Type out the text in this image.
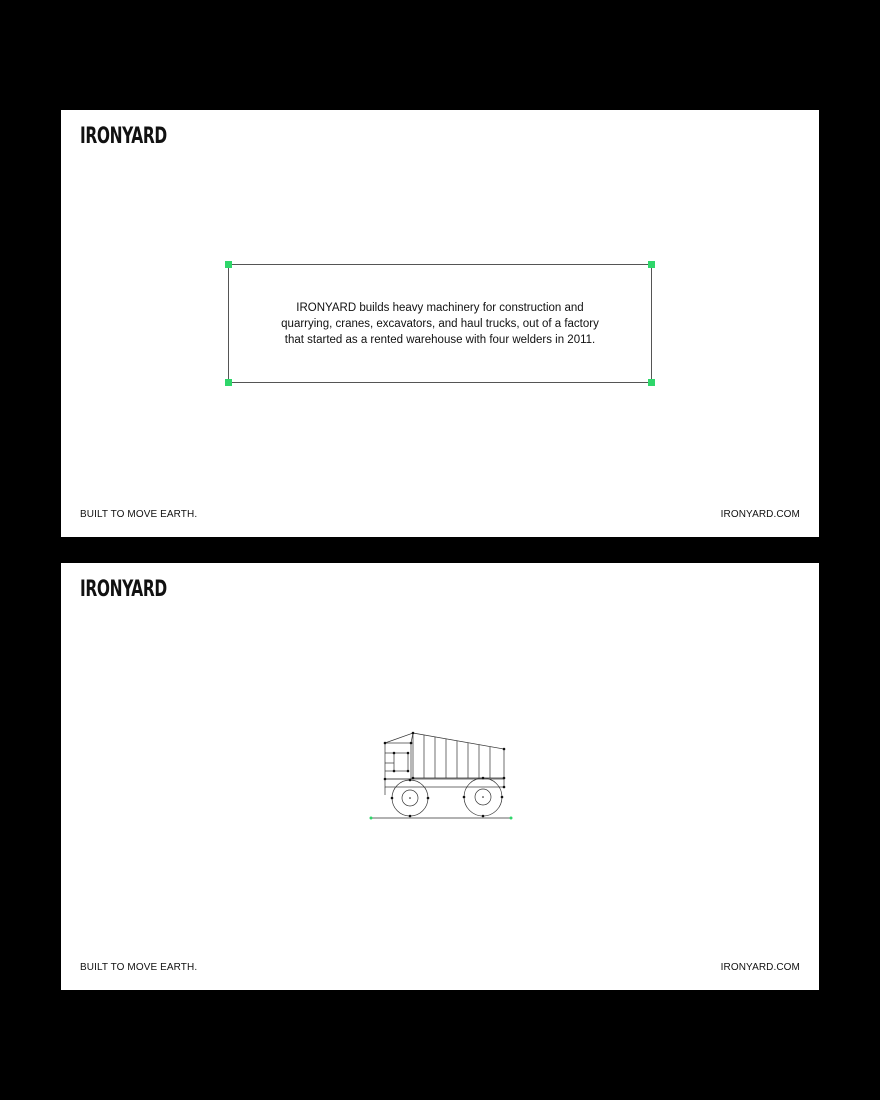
IRONYARD

IRONYARD builds heavy machinery for construction and quarrying, cranes, excavators, and haul trucks, out of a factory that started as a rented warehouse with four welders in 2011.

BUILT TO MOVE EARTH.	IRONYARD.COM
IRONYARD
BUILT TO MOVE EARTH.	IRONYARD.COM
